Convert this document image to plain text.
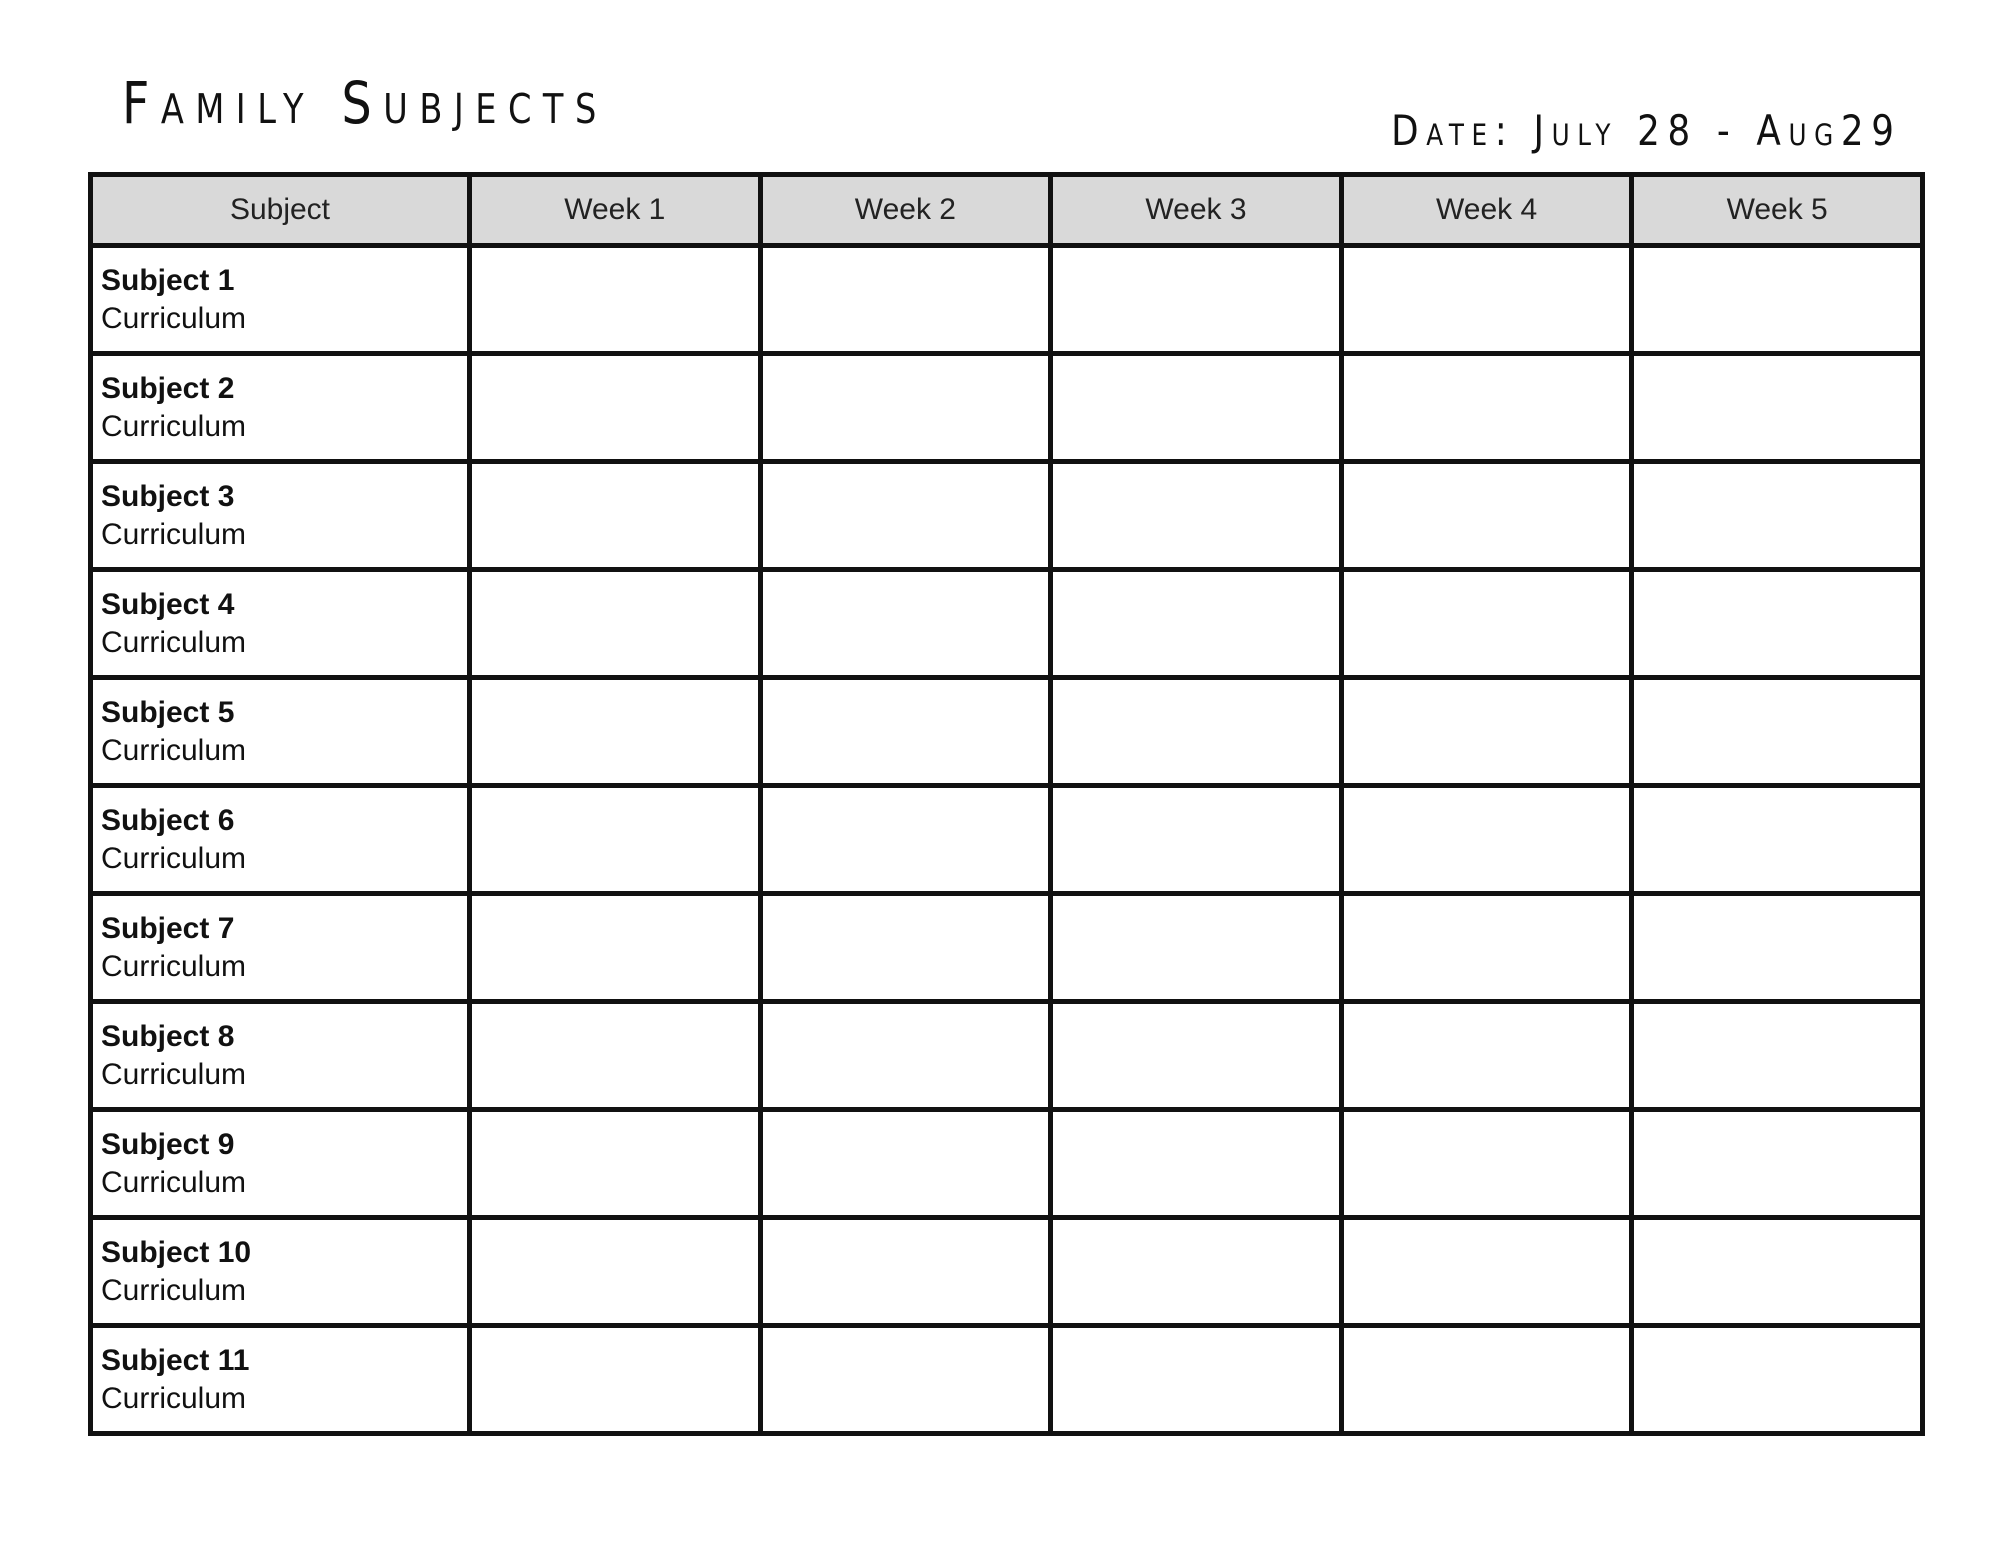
Family Subjects	Date: July 28 - Aug29
Subject	Week 1	Week 2	Week 3	Week 4	Week 5

Subject 1
Curriculum					

Subject 2
Curriculum					

Subject 3
Curriculum					

Subject 4
Curriculum					

Subject 5
Curriculum					

Subject 6
Curriculum					

Subject 7
Curriculum					

Subject 8
Curriculum					

Subject 9
Curriculum					

Subject 10
Curriculum					

Subject 11
Curriculum					
